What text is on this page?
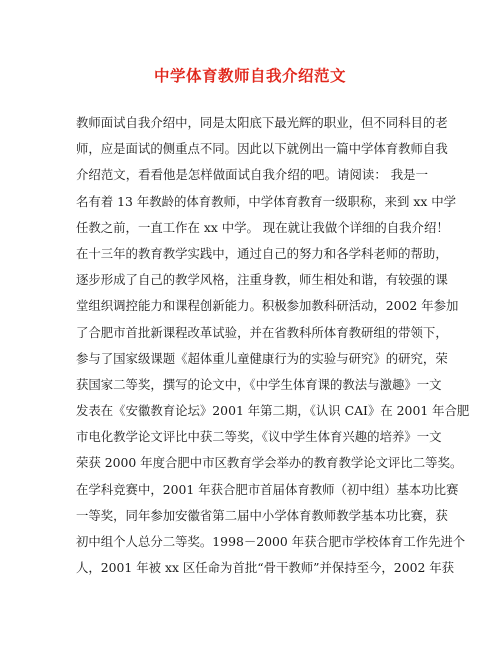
中学体育教师自我介绍范文
教师面试自我介绍中，同是太阳底下最光辉的职业，但不同科目的老
师，应是面试的侧重点不同。因此以下就例出一篇中学体育教师自我
介绍范文，看看他是怎样做面试自我介绍的吧。请阅读： 我是一
名有着 13 年教龄的体育教师，中学体育教育一级职称，来到 xx 中学
任教之前，一直工作在 xx 中学。 现在就让我做个详细的自我介绍！
在十三年的教育教学实践中，通过自己的努力和各学科老师的帮助，
逐步形成了自己的教学风格，注重身教，师生相处和谐，有较强的课
堂组织调控能力和课程创新能力。积极参加教科研活动，2002 年参加
了合肥市首批新课程改革试验，并在省教科所体育教研组的带领下，
参与了国家级课题《超体重儿童健康行为的实验与研究》的研究，荣
获国家二等奖，撰写的论文中，《中学生体育课的教法与激趣》一文
发表在《安徽教育论坛》2001 年第二期，《认识 CAI》在 2001 年合肥
市电化教学论文评比中获二等奖，《议中学生体育兴趣的培养》一文
荣获 2000 年度合肥中市区教育学会举办的教育教学论文评比二等奖。
在学科竞赛中，2001 年获合肥市首届体育教师（初中组）基本功比赛
一等奖，同年参加安徽省第二届中小学体育教师教学基本功比赛，获
初中组个人总分二等奖。1998－2000 年获合肥市学校体育工作先进个
人，2001 年被 xx 区任命为首批“骨干教师”并保持至今，2002 年获
